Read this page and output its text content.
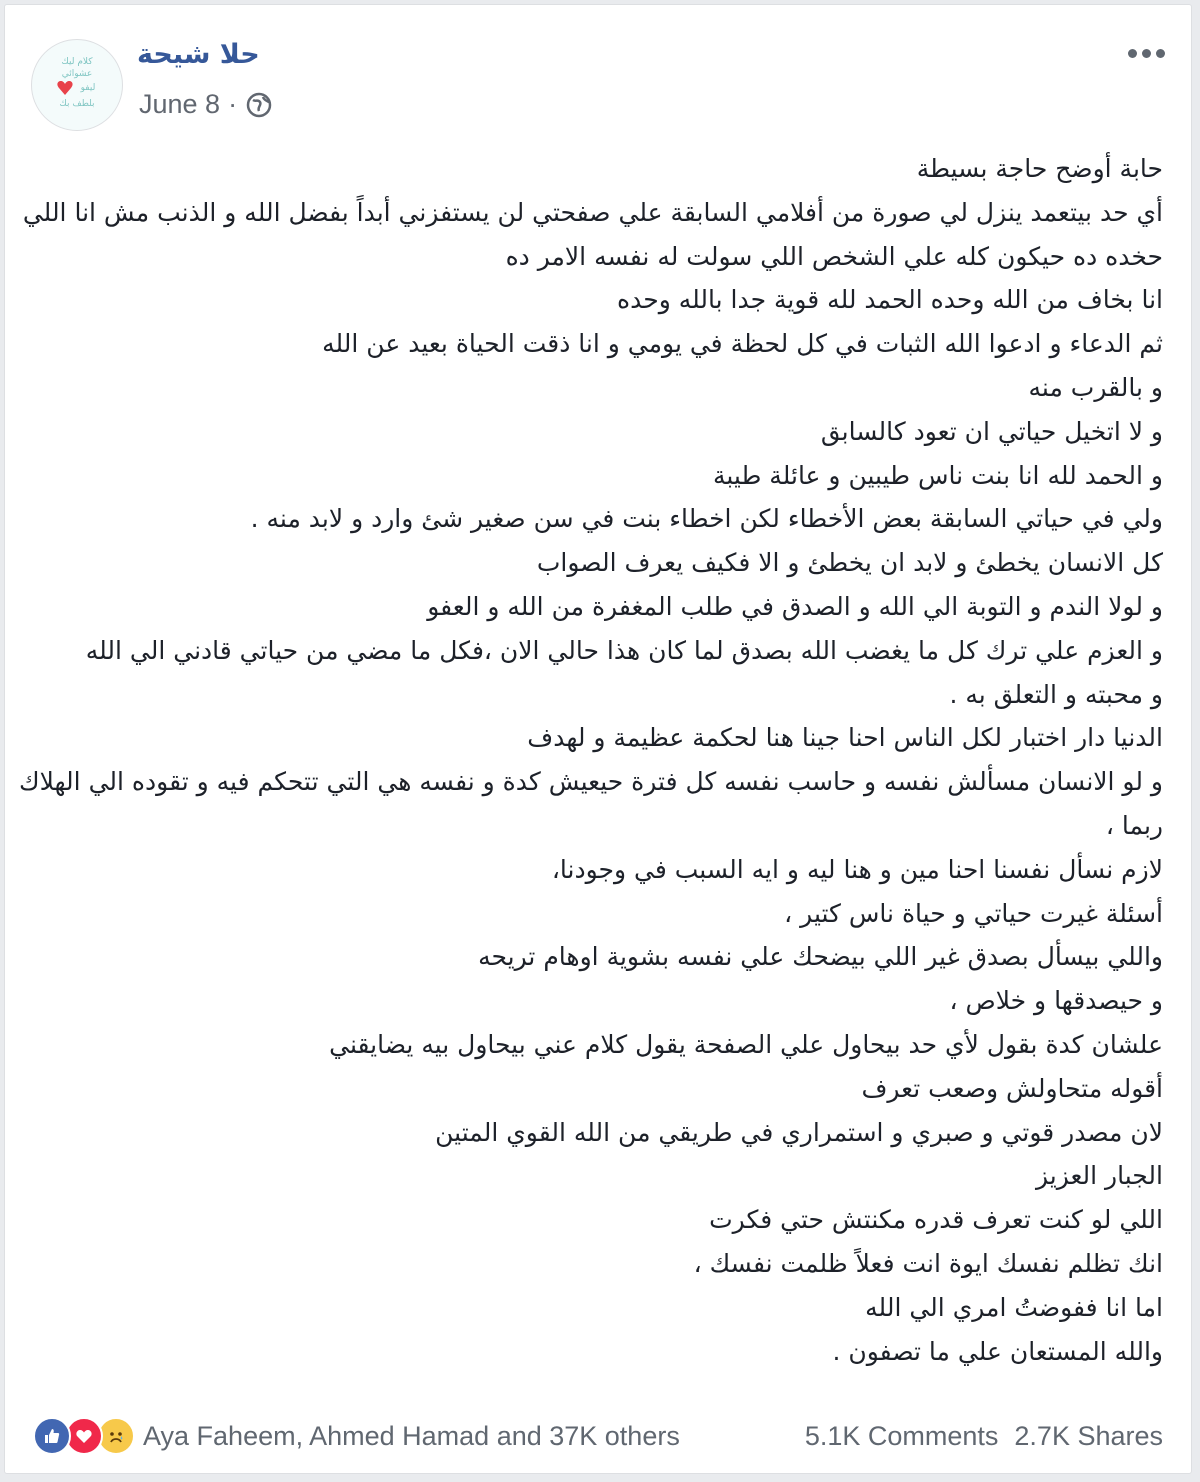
كلام ليك
عشوائي
ليفو
بلطف بك
حلا شيحة
June 8 ·
حابة أوضح حاجة بسيطة
أي حد بيتعمد ينزل لي صورة من أفلامي السابقة علي صفحتي لن يستفزني أبداً بفضل الله و الذنب مش انا اللي
حخده ده حيكون كله علي الشخص اللي سولت له نفسه الامر ده
انا بخاف من الله وحده الحمد لله قوية جدا بالله وحده
ثم الدعاء و ادعوا الله الثبات في كل لحظة في يومي و انا ذقت الحياة بعيد عن الله
و بالقرب منه
و لا اتخيل حياتي ان تعود كالسابق
و الحمد لله انا بنت ناس طيبين و عائلة طيبة
ولي في حياتي السابقة بعض الأخطاء لكن اخطاء بنت في سن صغير شئ وارد و لابد منه .
كل الانسان يخطئ و لابد ان يخطئ و الا فكيف يعرف الصواب
و لولا الندم و التوبة الي الله و الصدق في طلب المغفرة من الله و العفو
و العزم علي ترك كل ما يغضب الله بصدق لما كان هذا حالي الان ،فكل ما مضي من حياتي قادني الي الله
و محبته و التعلق به .
الدنيا دار اختبار لكل الناس احنا جينا هنا لحكمة عظيمة و لهدف
و لو الانسان مسألش نفسه و حاسب نفسه كل فترة حيعيش كدة و نفسه هي التي تتحكم فيه و تقوده الي الهلاك
ربما ،
لازم نسأل نفسنا احنا مين و هنا ليه و ايه السبب في وجودنا،
أسئلة غيرت حياتي و حياة ناس كتير ،
واللي بيسأل بصدق غير اللي بيضحك علي نفسه بشوية اوهام تريحه
و حيصدقها و خلاص ،
علشان كدة بقول لأي حد بيحاول علي الصفحة يقول كلام عني بيحاول بيه يضايقني
أقوله متحاولش وصعب تعرف
لان مصدر قوتي و صبري و استمراري في طريقي من الله القوي المتين
الجبار العزيز
اللي لو كنت تعرف قدره مكنتش حتي فكرت
انك تظلم نفسك ايوة انت فعلاً ظلمت نفسك ،
اما انا ففوضتُ امري الي الله
والله المستعان علي ما تصفون .
Aya Faheem, Ahmed Hamad and 37K others	5.1K Comments 2.7K Shares
